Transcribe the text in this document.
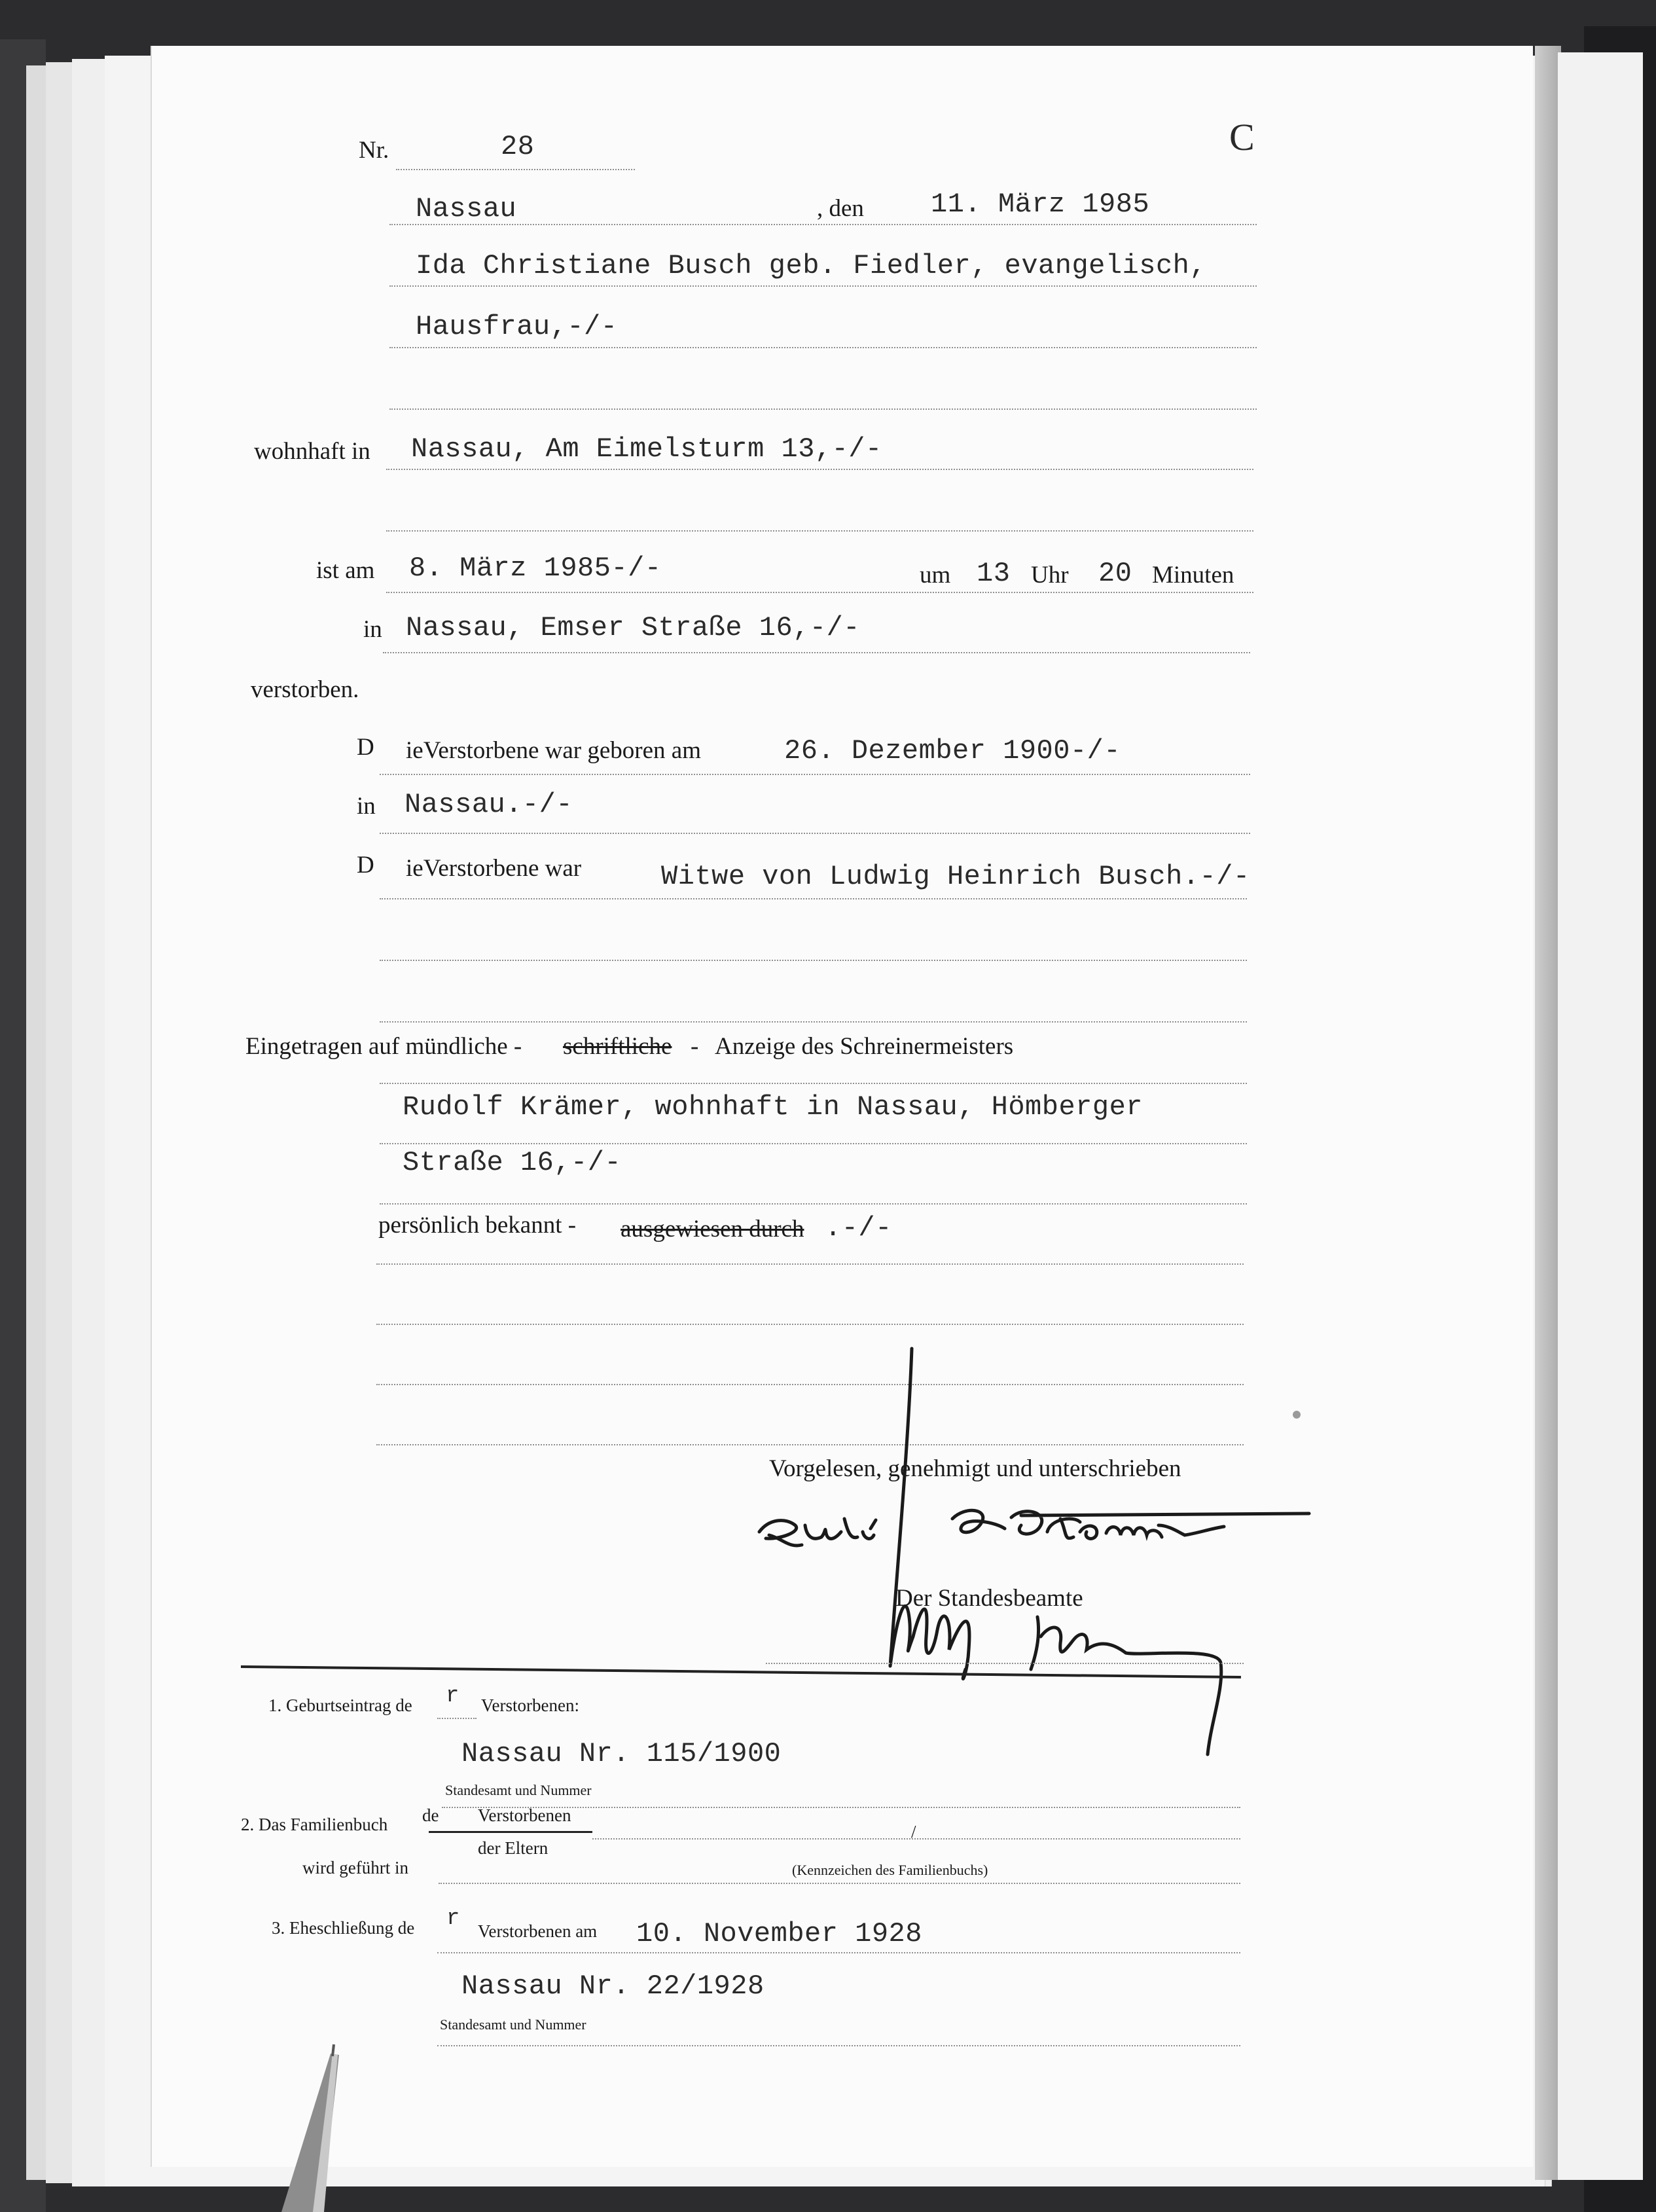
Nr.	28	C
Nassau	, den 11. März 1985
Ida Christiane Busch geb. Fiedler, evangelisch,
Hausfrau,-/-
wohnhaft in Nassau, Am Eimelsturm 13,-/-
ist am 8. März 1985-/-	um 13 Uhr 20 Minuten
in Nassau, Emser Straße 16,-/-
verstorben.
D ieVerstorbene war geboren am	26. Dezember 1900-/-
in Nassau.-/-
D ieVerstorbene war	Witwe von Ludwig Heinrich Busch.-/-
Eingetragen auf mündliche - schriftliche - Anzeige des Schreinermeisters
Rudolf Krämer, wohnhaft in Nassau, Hömberger
Straße 16,-/-
persönlich bekannt - ausgewiesen durch .-/-
Vorgelesen, genehmigt und unterschrieben
Der Standesbeamte
1. Geburtseintrag de r Verstorbenen:
Nassau Nr. 115/1900
Standesamt und Nummer
2. Das Familienbuch de Verstorbenen
der Eltern
/
wird geführt in	(Kennzeichen des Familienbuchs)
3. Eheschließung de r Verstorbenen am 10. November 1928
Nassau Nr. 22/1928
Standesamt und Nummer
